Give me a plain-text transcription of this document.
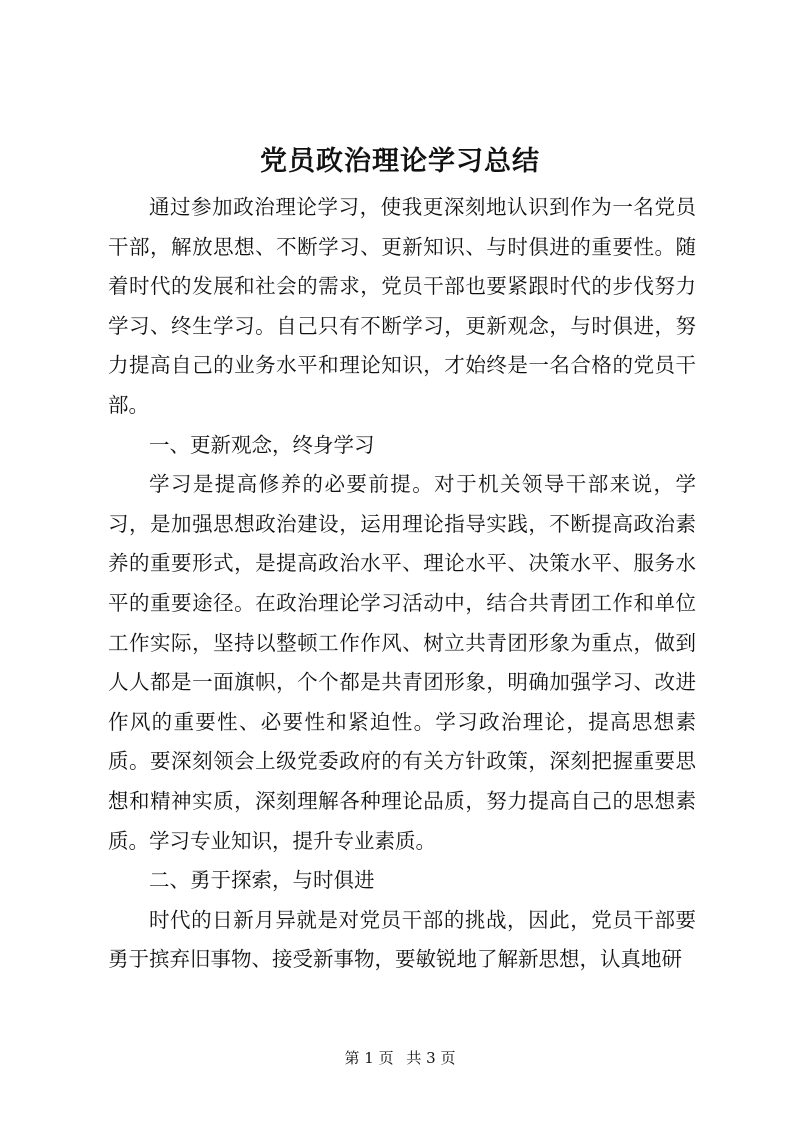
党员政治理论学习总结

通过参加政治理论学习，使我更深刻地认识到作为一名党员干部，解放思想、不断学习、更新知识、与时俱进的重要性。随着时代的发展和社会的需求，党员干部也要紧跟时代的步伐努力学习、终生学习。自己只有不断学习，更新观念，与时俱进，努力提高自己的业务水平和理论知识，才始终是一名合格的党员干部。

一、更新观念，终身学习

学习是提高修养的必要前提。对于机关领导干部来说，学习，是加强思想政治建设，运用理论指导实践，不断提高政治素养的重要形式，是提高政治水平、理论水平、决策水平、服务水平的重要途径。在政治理论学习活动中，结合共青团工作和单位工作实际，坚持以整顿工作作风、树立共青团形象为重点，做到人人都是一面旗帜，个个都是共青团形象，明确加强学习、改进作风的重要性、必要性和紧迫性。学习政治理论，提高思想素质。要深刻领会上级党委政府的有关方针政策，深刻把握重要思想和精神实质，深刻理解各种理论品质，努力提高自己的思想素质。学习专业知识，提升专业素质。

二、勇于探索，与时俱进

时代的日新月异就是对党员干部的挑战，因此，党员干部要勇于摈弃旧事物、接受新事物，要敏锐地了解新思想，认真地研

第 1 页 共 3 页
